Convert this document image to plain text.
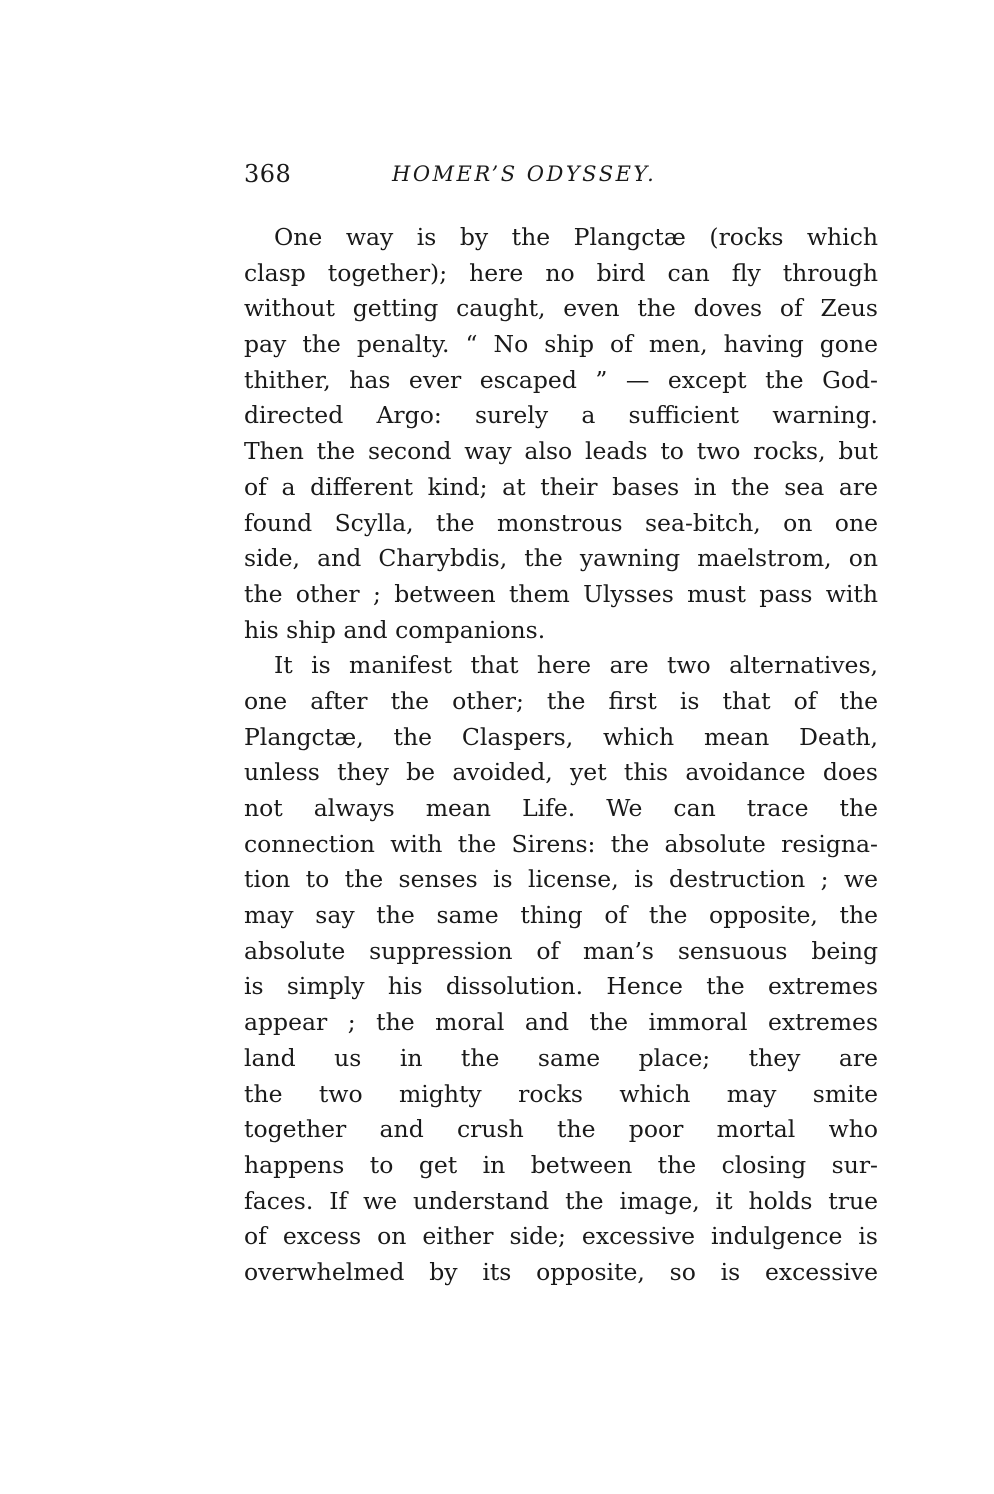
368	HOMER’S ODYSSEY.
One way is by the Plangctæ (rocks which
clasp together); here no bird can fly through
without getting caught, even the doves of Zeus
pay the penalty. “ No ship of men, having gone
thither, has ever escaped ” — except the God-
directed Argo: surely a sufficient warning.
Then the second way also leads to two rocks, but
of a different kind; at their bases in the sea are
found Scylla, the monstrous sea-bitch, on one
side, and Charybdis, the yawning maelstrom, on
the other ; between them Ulysses must pass with
his ship and companions.
It is manifest that here are two alternatives,
one after the other; the first is that of the
Plangctæ, the Claspers, which mean Death,
unless they be avoided, yet this avoidance does
not always mean Life. We can trace the
connection with the Sirens: the absolute resigna-
tion to the senses is license, is destruction ; we
may say the same thing of the opposite, the
absolute suppression of man’s sensuous being
is simply his dissolution. Hence the extremes
appear ; the moral and the immoral extremes
land us in the same place; they are
the two mighty rocks which may smite
together and crush the poor mortal who
happens to get in between the closing sur-
faces. If we understand the image, it holds true
of excess on either side; excessive indulgence is
overwhelmed by its opposite, so is excessive
